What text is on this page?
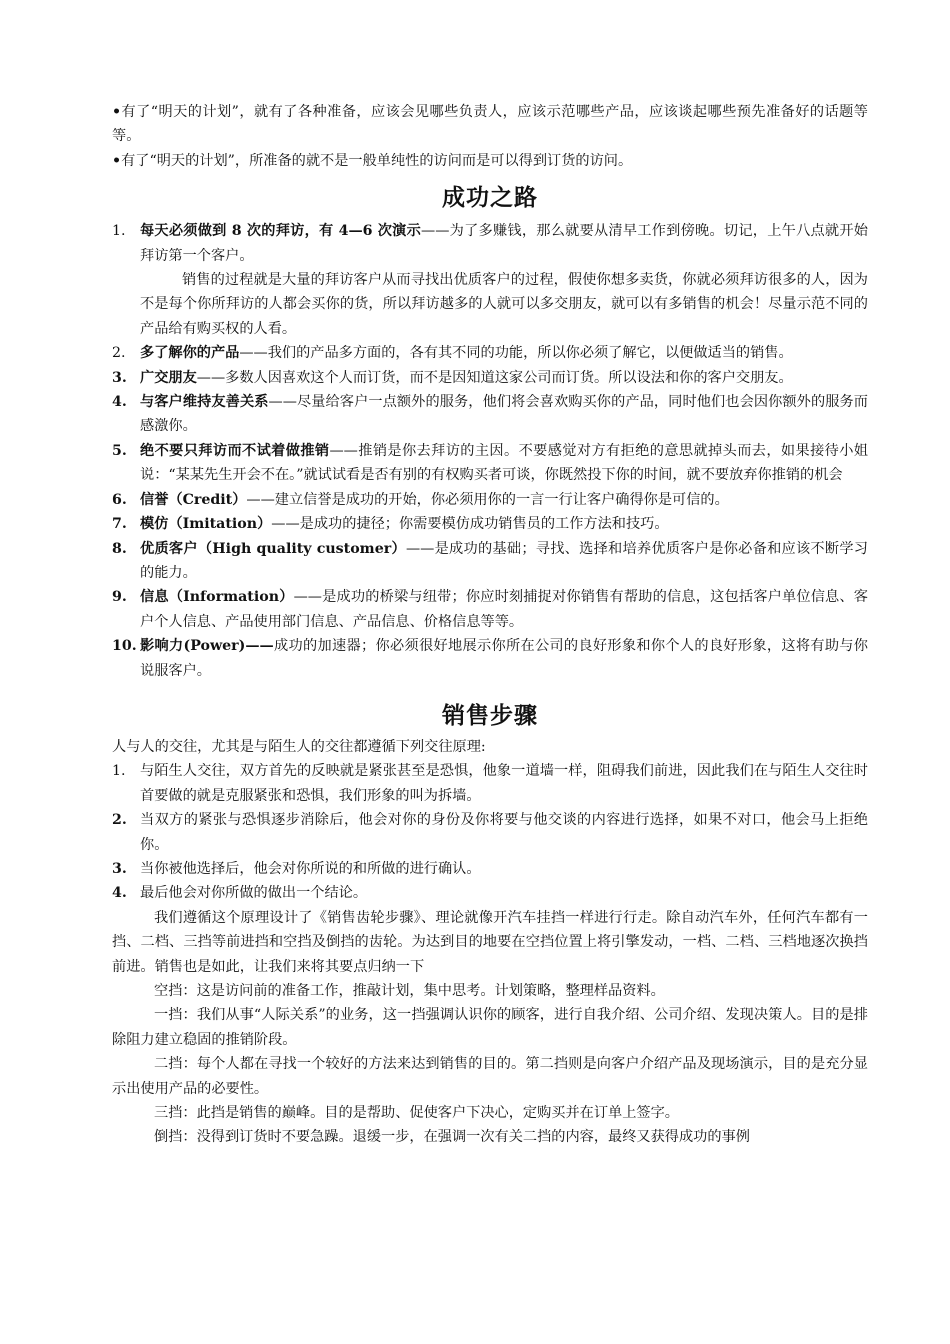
•有了“明天的计划”，就有了各种准备，应该会见哪些负责人，应该示范哪些产品，应该谈起哪些预先准备好的话题等等。

•有了“明天的计划”，所准备的就不是一般单纯性的访问而是可以得到订货的访问。

成功之路
1. 每天必须做到 8 次的拜访，有 4—6 次演示——为了多赚钱，那么就要从清早工作到傍晚。切记，上午八点就开始拜访第一个客户。

销售的过程就是大量的拜访客户从而寻找出优质客户的过程，假使你想多卖货，你就必须拜访很多的人，因为不是每个你所拜访的人都会买你的货，所以拜访越多的人就可以多交朋友，就可以有多销售的机会！尽量示范不同的产品给有购买权的人看。

2. 多了解你的产品——我们的产品多方面的，各有其不同的功能，所以你必须了解它，以便做适当的销售。
3. 广交朋友——多数人因喜欢这个人而订货，而不是因知道这家公司而订货。所以设法和你的客户交朋友。
4. 与客户维持友善关系——尽量给客户一点额外的服务，他们将会喜欢购买你的产品，同时他们也会因你额外的服务而感激你。
5. 绝不要只拜访而不试着做推销——推销是你去拜访的主因。不要感觉对方有拒绝的意思就掉头而去，如果接待小姐说：“某某先生开会不在。”就试试看是否有别的有权购买者可谈，你既然投下你的时间，就不要放弃你推销的机会
6. 信誉（Credit）——建立信誉是成功的开始，你必须用你的一言一行让客户确得你是可信的。
7. 模仿（Imitation）——是成功的捷径；你需要模仿成功销售员的工作方法和技巧。
8. 优质客户（High quality customer）——是成功的基础；寻找、选择和培养优质客户是你必备和应该不断学习的能力。
9. 信息（Information）——是成功的桥梁与纽带；你应时刻捕捉对你销售有帮助的信息，这包括客户单位信息、客户个人信息、产品使用部门信息、产品信息、价格信息等等。
10. 影响力(Power)——成功的加速器；你必须很好地展示你所在公司的良好形象和你个人的良好形象，这将有助与你说服客户。
销售步骤

人与人的交往，尤其是与陌生人的交往都遵循下列交往原理:

1. 与陌生人交往，双方首先的反映就是紧张甚至是恐惧，他象一道墙一样，阻碍我们前进，因此我们在与陌生人交往时首要做的就是克服紧张和恐惧，我们形象的叫为拆墙。
2. 当双方的紧张与恐惧逐步消除后，他会对你的身份及你将要与他交谈的内容进行选择，如果不对口，他会马上拒绝你。
3. 当你被他选择后，他会对你所说的和所做的进行确认。
4. 最后他会对你所做的做出一个结论。

我们遵循这个原理设计了《销售齿轮步骤》、理论就像开汽车挂挡一样进行行走。除自动汽车外，任何汽车都有一挡、二档、三挡等前进挡和空挡及倒挡的齿轮。为达到目的地要在空挡位置上将引擎发动，一档、二档、三档地逐次换挡前进。销售也是如此，让我们来将其要点归纳一下

空挡：这是访问前的准备工作，推敲计划，集中思考。计划策略，整理样品资料。

一挡：我们从事“人际关系”的业务，这一挡强调认识你的顾客，进行自我介绍、公司介绍、发现决策人。目的是排除阻力建立稳固的推销阶段。

二挡：每个人都在寻找一个较好的方法来达到销售的目的。第二挡则是向客户介绍产品及现场演示，目的是充分显示出使用产品的必要性。

三挡：此挡是销售的巅峰。目的是帮助、促使客户下决心，定购买并在订单上签字。

倒挡：没得到订货时不要急躁。退缓一步，在强调一次有关二挡的内容，最终又获得成功的事例
